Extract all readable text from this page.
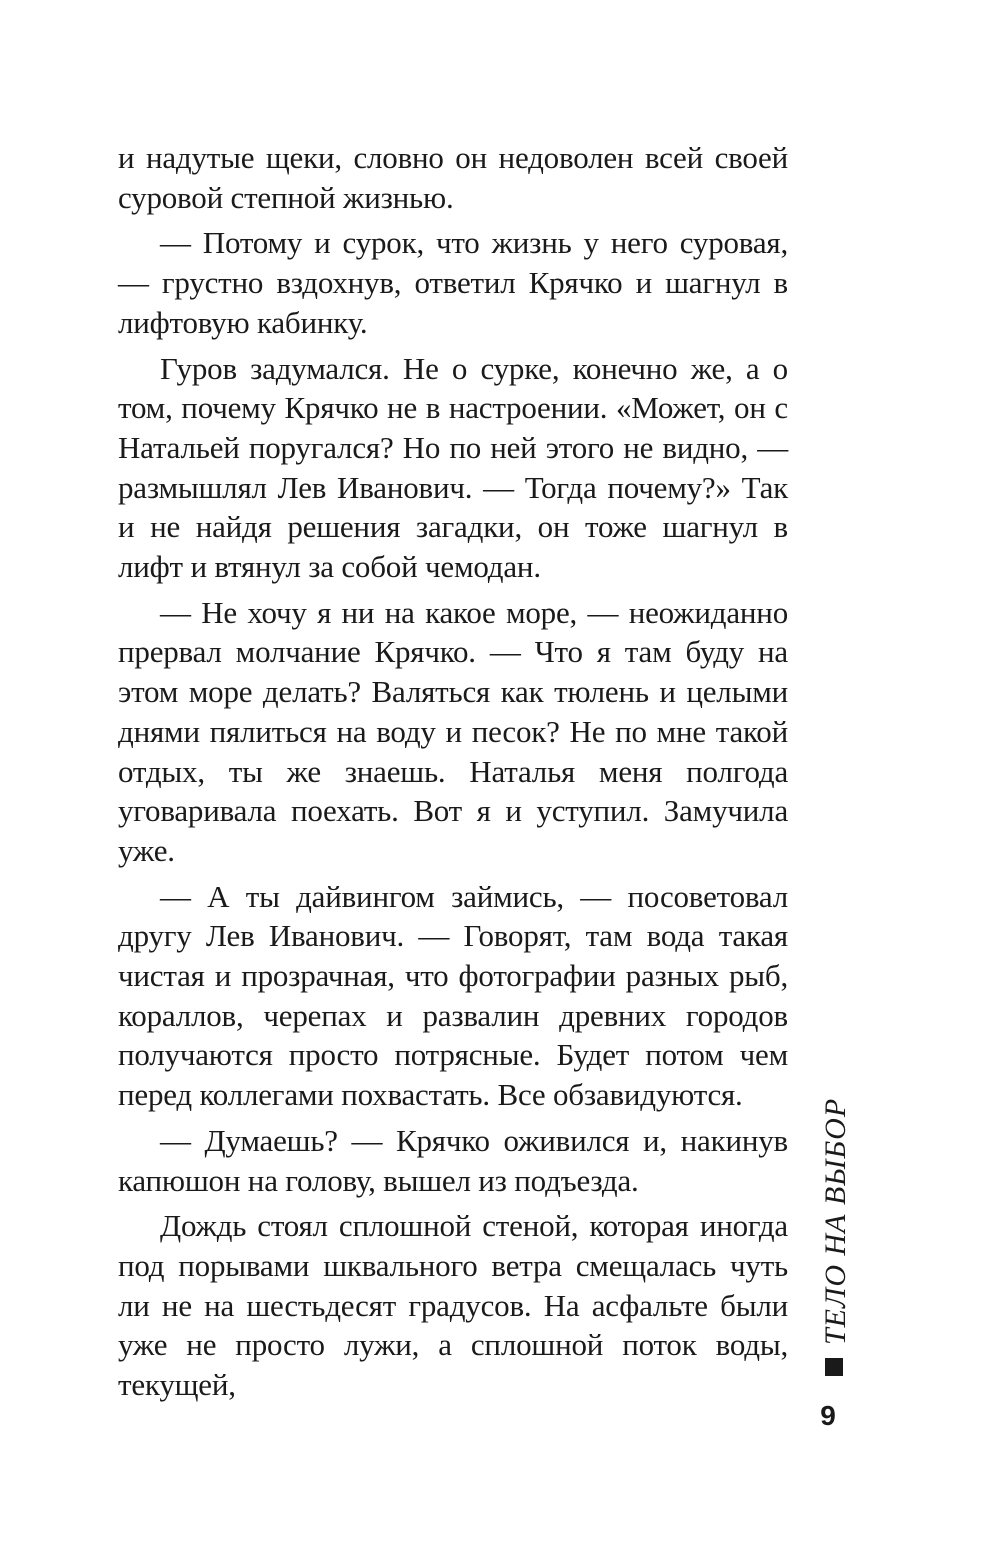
и надутые щеки, словно он недоволен всей своей суровой степной жизнью.

— Потому и сурок, что жизнь у него суровая, — грустно вздохнув, ответил Крячко и шагнул в лифтовую кабинку.

Гуров задумался. Не о сурке, конечно же, а о том, почему Крячко не в настроении. «Может, он с Натальей поругался? Но по ней этого не видно, — размышлял Лев Иванович. — Тогда почему?» Так и не найдя решения загадки, он тоже шагнул в лифт и втянул за собой чемодан.

— Не хочу я ни на какое море, — неожиданно прервал молчание Крячко. — Что я там буду на этом море делать? Валяться как тюлень и целыми днями пялиться на воду и песок? Не по мне такой отдых, ты же знаешь. Наталья меня полгода уговаривала поехать. Вот я и уступил. Замучила уже.

— А ты дайвингом займись, — посоветовал другу Лев Иванович. — Говорят, там вода такая чистая и прозрачная, что фотографии разных рыб, кораллов, черепах и развалин древних городов получаются просто потрясные. Будет потом чем перед коллегами похвастать. Все обзавидуются.

— Думаешь? — Крячко оживился и, накинув капюшон на голову, вышел из подъезда.

Дождь стоял сплошной стеной, которая иногда под порывами шквального ветра смещалась чуть ли не на шестьдесят градусов. На асфальте были уже не просто лужи, а сплошной поток воды, текущей,

ТЕЛО НА ВЫБОР
9
